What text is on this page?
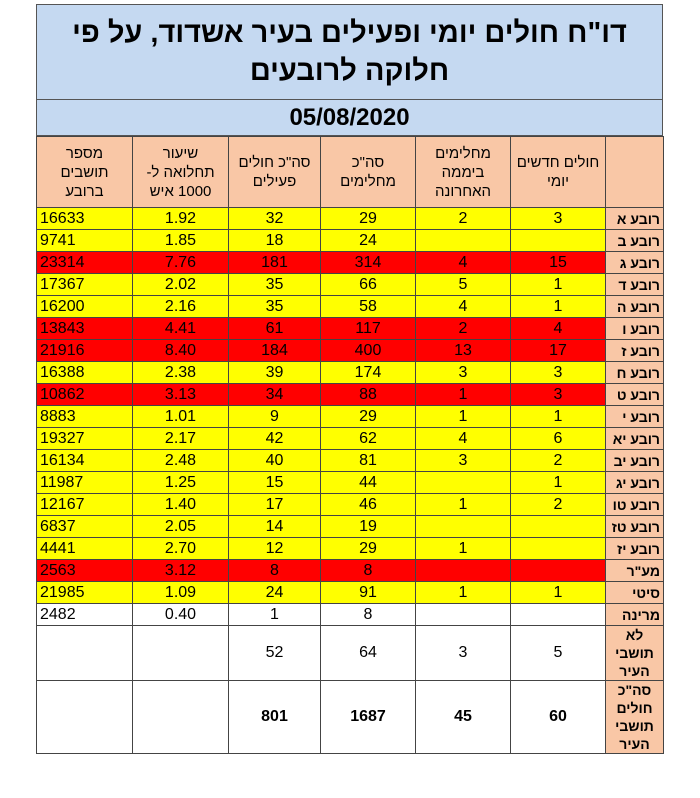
דו"ח חולים יומי ופעילים בעיר אשדוד, על פי חלוקה לרובעים
05/08/2020
מספר תושבים ברובע	שיעור תחלואה ל- 1000 איש	סה"כ חולים פעילים	סה"כ מחלימים	מחלימים ביממה האחרונה	חולים חדשים יומי	
16633	1.92	32	29	2	3	רובע א
9741	1.85	18	24			רובע ב
23314	7.76	181	314	4	15	רובע ג
17367	2.02	35	66	5	1	רובע ד
16200	2.16	35	58	4	1	רובע ה
13843	4.41	61	117	2	4	רובע ו
21916	8.40	184	400	13	17	רובע ז
16388	2.38	39	174	3	3	רובע ח
10862	3.13	34	88	1	3	רובע ט
8883	1.01	9	29	1	1	רובע י
19327	2.17	42	62	4	6	רובע יא
16134	2.48	40	81	3	2	רובע יב
11987	1.25	15	44		1	רובע יג
12167	1.40	17	46	1	2	רובע טו
6837	2.05	14	19			רובע טז
4441	2.70	12	29	1		רובע יז
2563	3.12	8	8			מע"ר
21985	1.09	24	91	1	1	סיטי
2482	0.40	1	8			מרינה
		52	64	3	5	לא תושבי העיר
		801	1687	45	60	סה"כ חולים תושבי העיר
